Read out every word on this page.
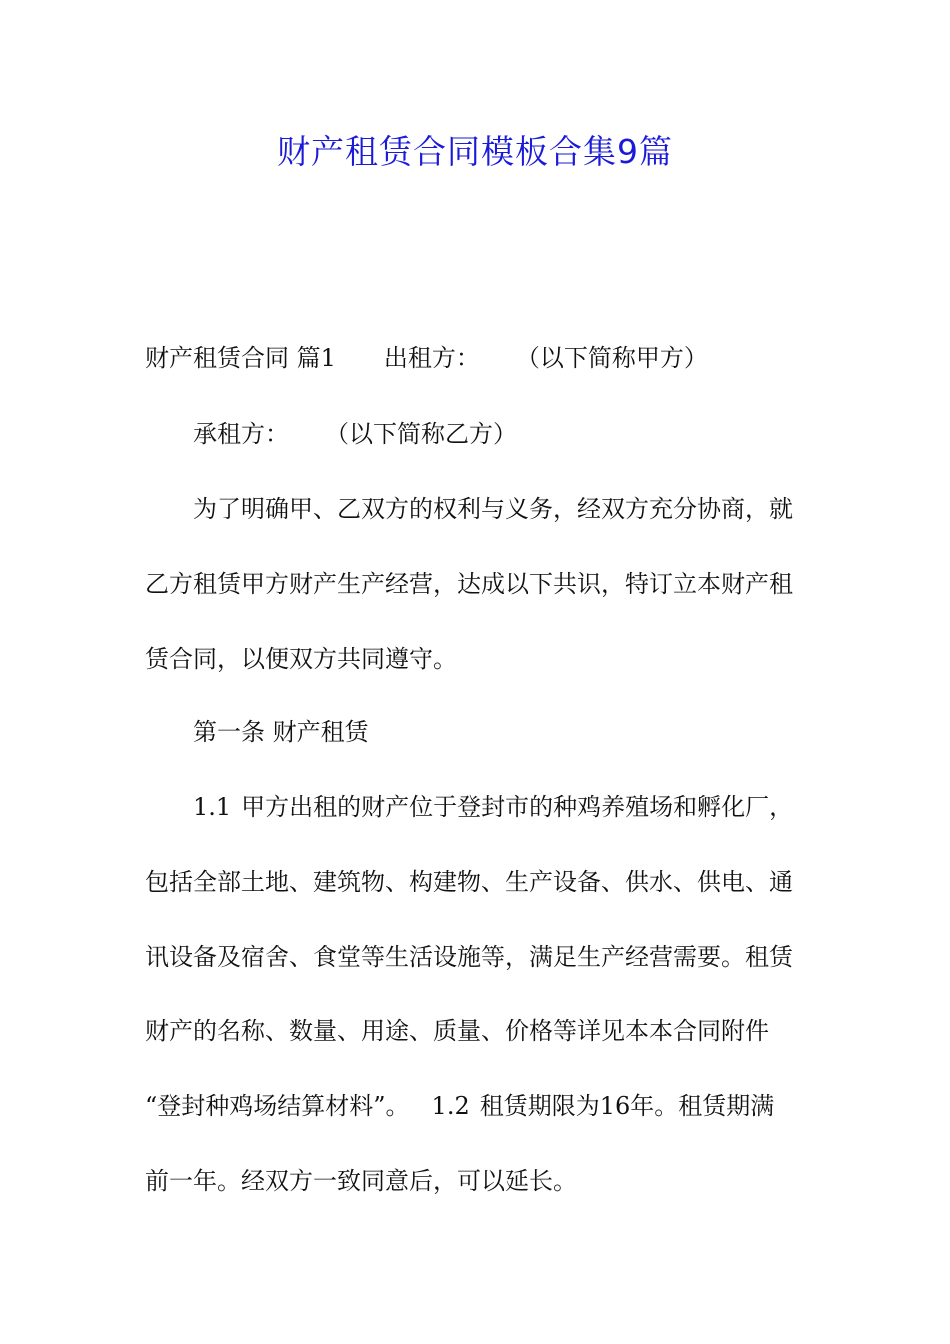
财产租赁合同模板合集9篇
财产租赁合同 篇1 出租方： （以下简称甲方）
承租方： （以下简称乙方）
为了明确甲、乙双方的权利与义务，经双方充分协商，就
乙方租赁甲方财产生产经营，达成以下共识，特订立本财产租
赁合同，以便双方共同遵守。
第一条 财产租赁
1.1 甲方出租的财产位于登封市的种鸡养殖场和孵化厂，
包括全部土地、建筑物、构建物、生产设备、供水、供电、通
讯设备及宿舍、食堂等生活设施等，满足生产经营需要。租赁
财产的名称、数量、用途、质量、价格等详见本本合同附件
“登封种鸡场结算材料”。 1.2 租赁期限为16年。租赁期满
前一年。经双方一致同意后，可以延长。
